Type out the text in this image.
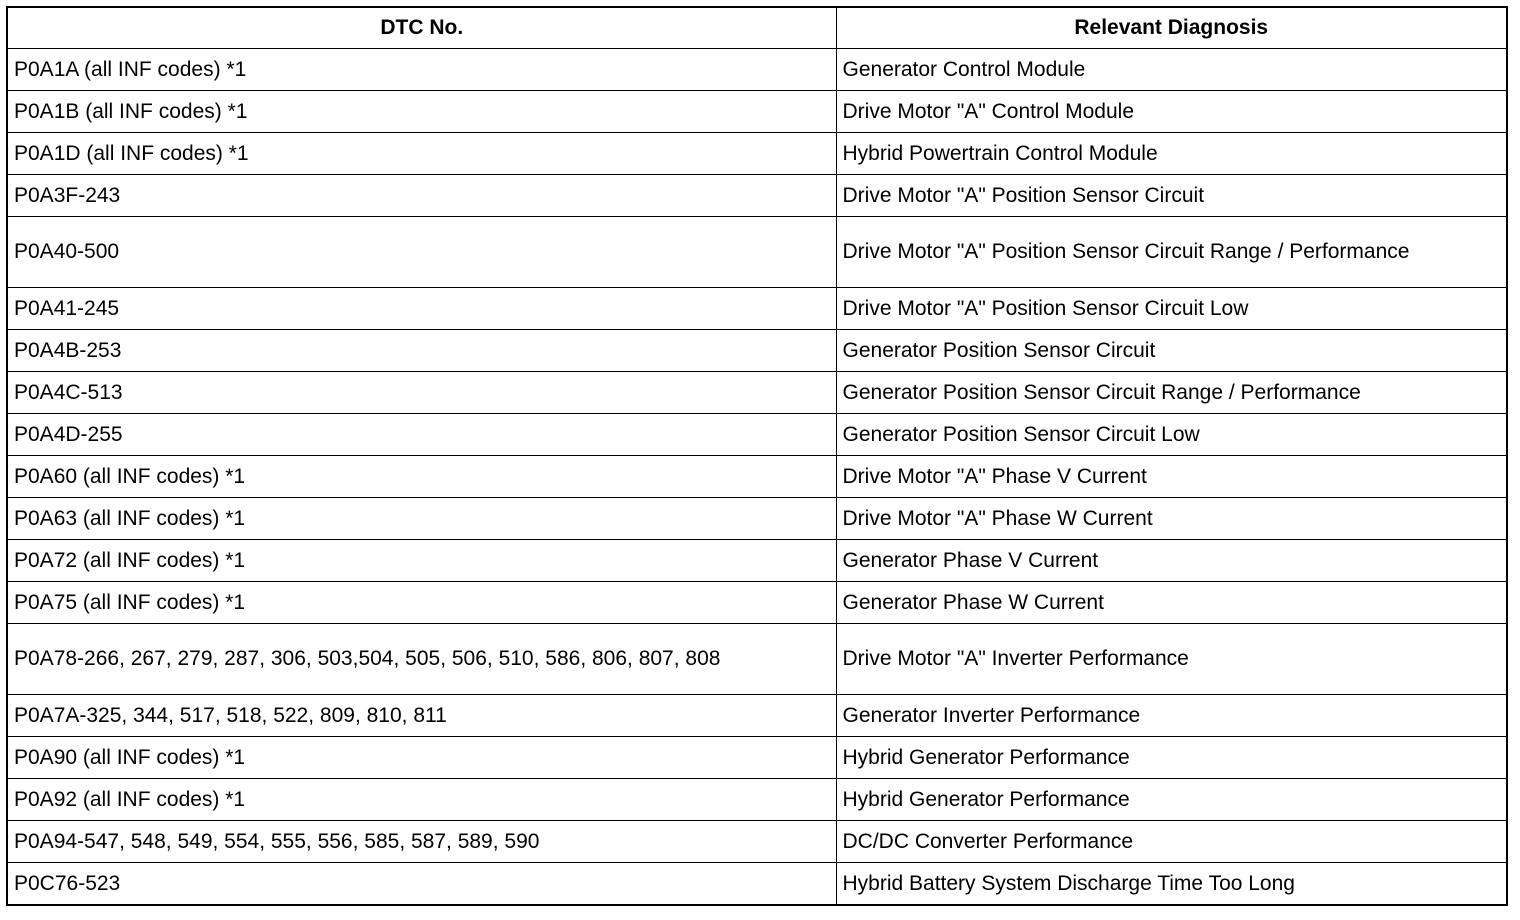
DTC No.	Relevant Diagnosis
P0A1A (all INF codes) *1	Generator Control Module
P0A1B (all INF codes) *1	Drive Motor "A" Control Module
P0A1D (all INF codes) *1	Hybrid Powertrain Control Module
P0A3F-243	Drive Motor "A" Position Sensor Circuit
P0A40-500	Drive Motor "A" Position Sensor Circuit Range / Performance
P0A41-245	Drive Motor "A" Position Sensor Circuit Low
P0A4B-253	Generator Position Sensor Circuit
P0A4C-513	Generator Position Sensor Circuit Range / Performance
P0A4D-255	Generator Position Sensor Circuit Low
P0A60 (all INF codes) *1	Drive Motor "A" Phase V Current
P0A63 (all INF codes) *1	Drive Motor "A" Phase W Current
P0A72 (all INF codes) *1	Generator Phase V Current
P0A75 (all INF codes) *1	Generator Phase W Current
P0A78-266, 267, 279, 287, 306, 503,504, 505, 506, 510, 586, 806, 807, 808	Drive Motor "A" Inverter Performance
P0A7A-325, 344, 517, 518, 522, 809, 810, 811	Generator Inverter Performance
P0A90 (all INF codes) *1	Hybrid Generator Performance
P0A92 (all INF codes) *1	Hybrid Generator Performance
P0A94-547, 548, 549, 554, 555, 556, 585, 587, 589, 590	DC/DC Converter Performance
P0C76-523	Hybrid Battery System Discharge Time Too Long
